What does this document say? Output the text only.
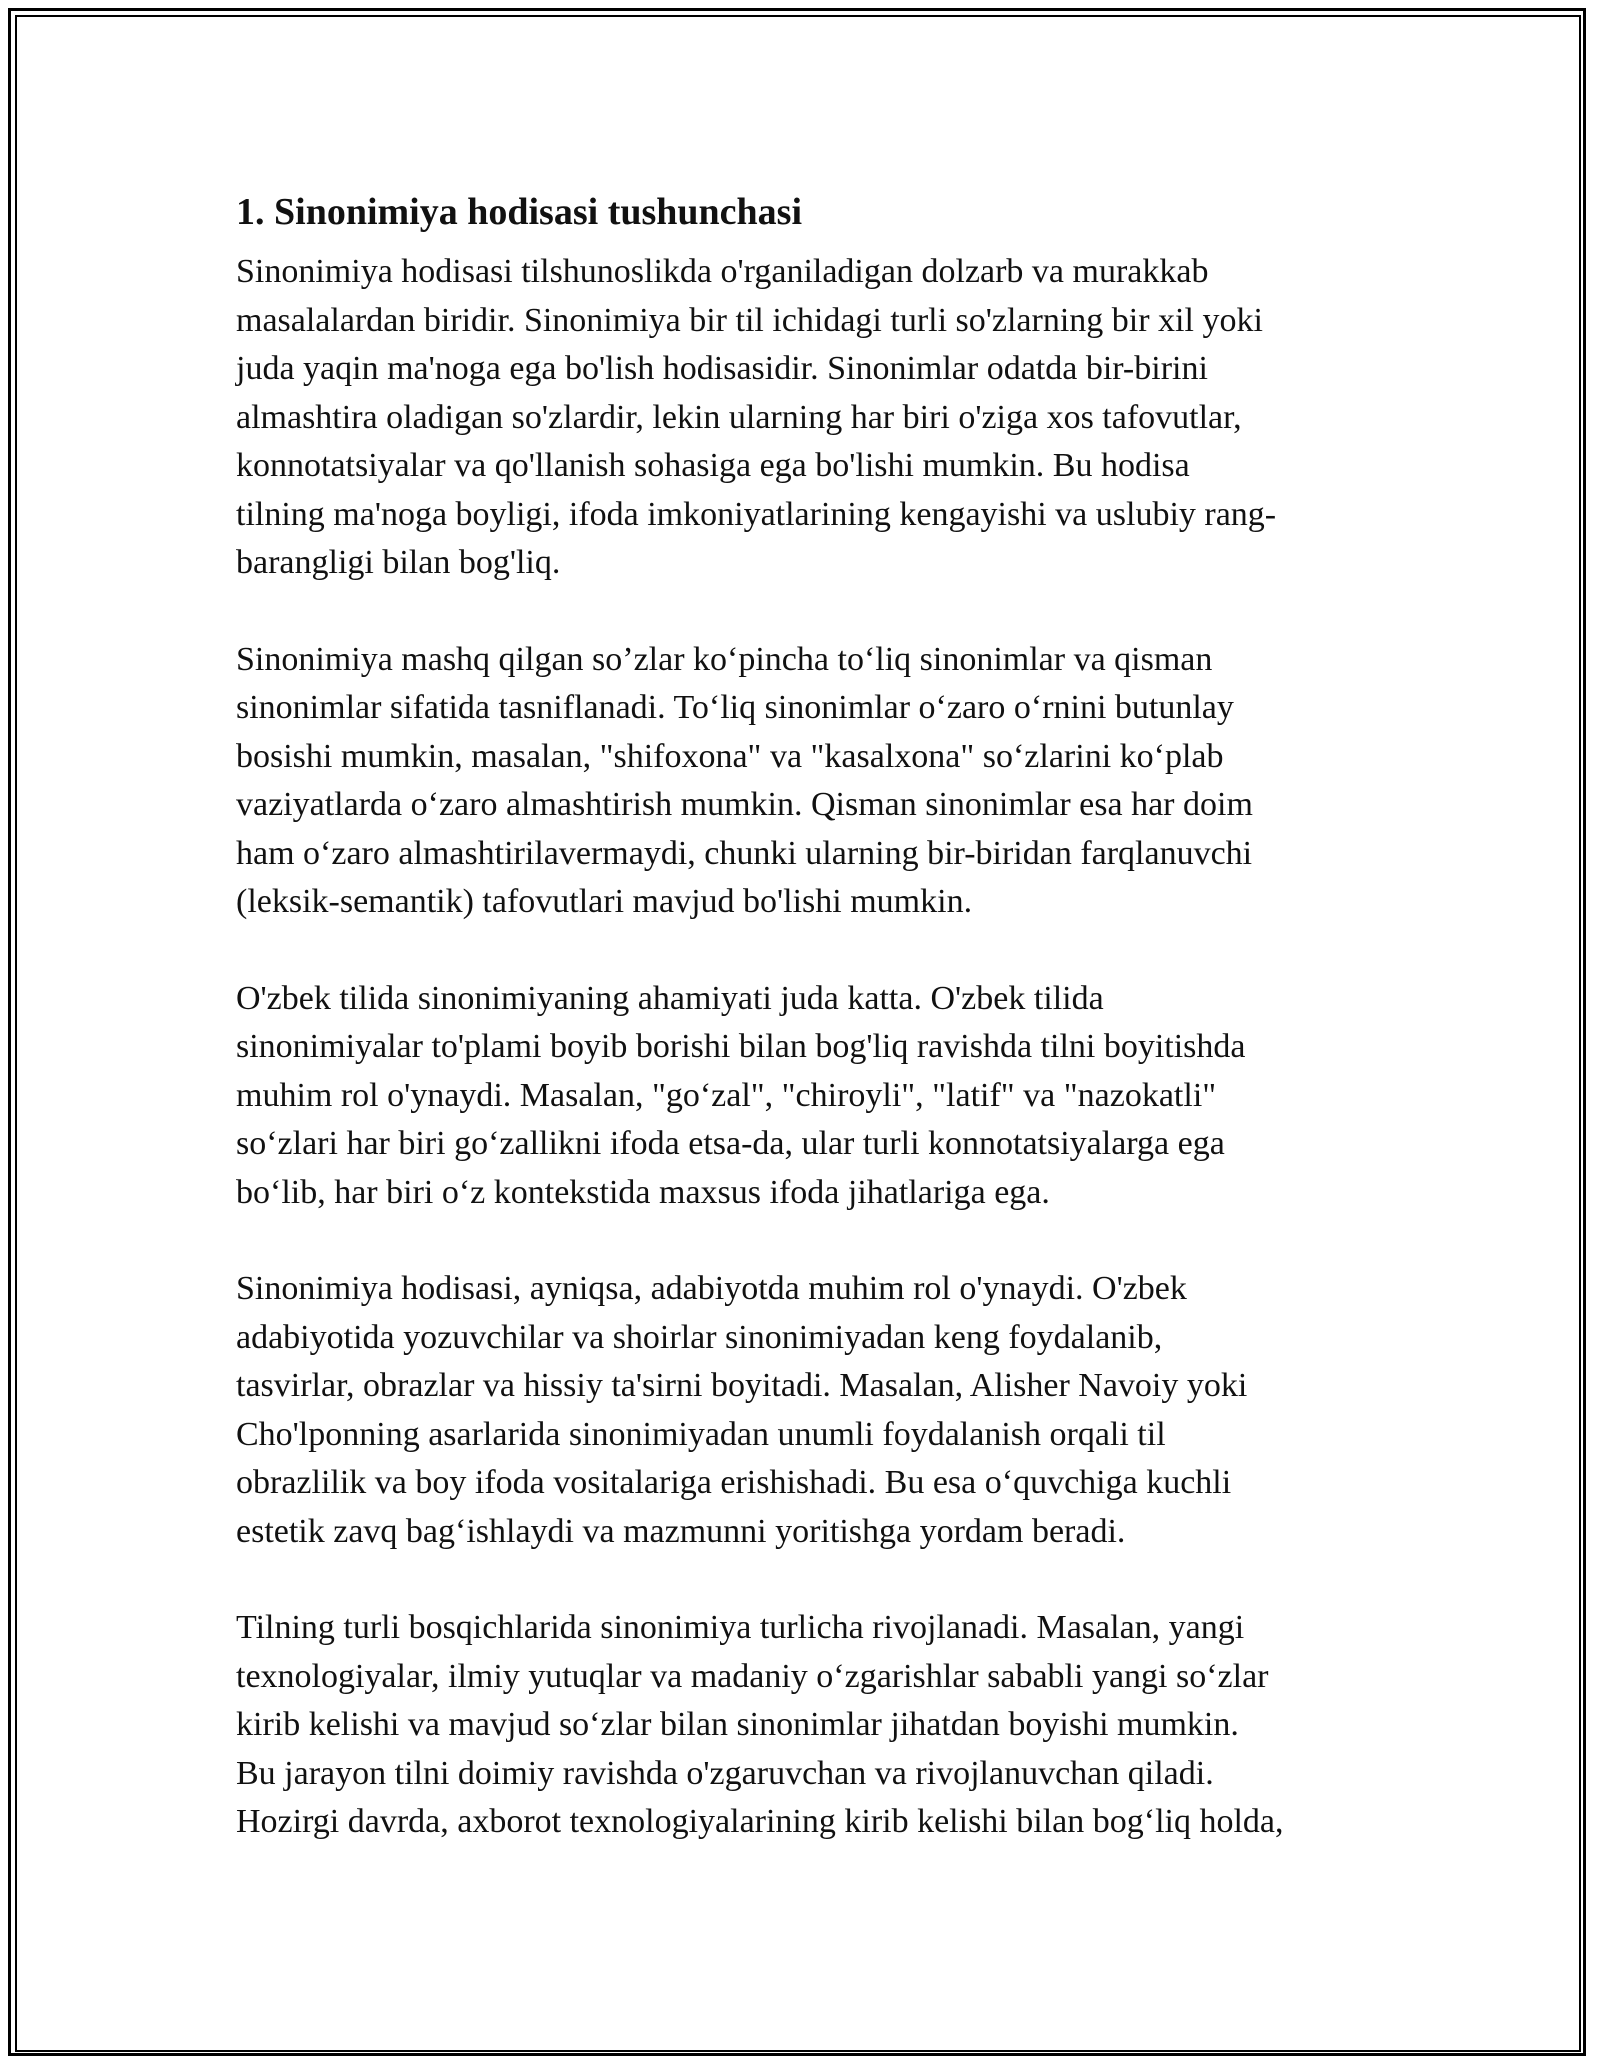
1. Sinonimiya hodisasi tushunchasi

Sinonimiya hodisasi tilshunoslikda o'rganiladigan dolzarb va murakkab
masalalardan biridir. Sinonimiya bir til ichidagi turli so'zlarning bir xil yoki
juda yaqin ma'noga ega bo'lish hodisasidir. Sinonimlar odatda bir-birini
almashtira oladigan so'zlardir, lekin ularning har biri o'ziga xos tafovutlar,
konnotatsiyalar va qo'llanish sohasiga ega bo'lishi mumkin. Bu hodisa
tilning ma'noga boyligi, ifoda imkoniyatlarining kengayishi va uslubiy rang-
barangligi bilan bog'liq.

Sinonimiya mashq qilgan so’zlar ko‘pincha to‘liq sinonimlar va qisman
sinonimlar sifatida tasniflanadi. To‘liq sinonimlar o‘zaro o‘rnini butunlay
bosishi mumkin, masalan, "shifoxona" va "kasalxona" so‘zlarini ko‘plab
vaziyatlarda o‘zaro almashtirish mumkin. Qisman sinonimlar esa har doim
ham o‘zaro almashtirilavermaydi, chunki ularning bir-biridan farqlanuvchi
(leksik-semantik) tafovutlari mavjud bo'lishi mumkin.

O'zbek tilida sinonimiyaning ahamiyati juda katta. O'zbek tilida
sinonimiyalar to'plami boyib borishi bilan bog'liq ravishda tilni boyitishda
muhim rol o'ynaydi. Masalan, "go‘zal", "chiroyli", "latif" va "nazokatli"
so‘zlari har biri go‘zallikni ifoda etsa-da, ular turli konnotatsiyalarga ega
bo‘lib, har biri o‘z kontekstida maxsus ifoda jihatlariga ega.

Sinonimiya hodisasi, ayniqsa, adabiyotda muhim rol o'ynaydi. O'zbek
adabiyotida yozuvchilar va shoirlar sinonimiyadan keng foydalanib,
tasvirlar, obrazlar va hissiy ta'sirni boyitadi. Masalan, Alisher Navoiy yoki
Cho'lponning asarlarida sinonimiyadan unumli foydalanish orqali til
obrazlilik va boy ifoda vositalariga erishishadi. Bu esa o‘quvchiga kuchli
estetik zavq bag‘ishlaydi va mazmunni yoritishga yordam beradi.

Tilning turli bosqichlarida sinonimiya turlicha rivojlanadi. Masalan, yangi
texnologiyalar, ilmiy yutuqlar va madaniy o‘zgarishlar sababli yangi so‘zlar
kirib kelishi va mavjud so‘zlar bilan sinonimlar jihatdan boyishi mumkin.
Bu jarayon tilni doimiy ravishda o'zgaruvchan va rivojlanuvchan qiladi.
Hozirgi davrda, axborot texnologiyalarining kirib kelishi bilan bog‘liq holda,
